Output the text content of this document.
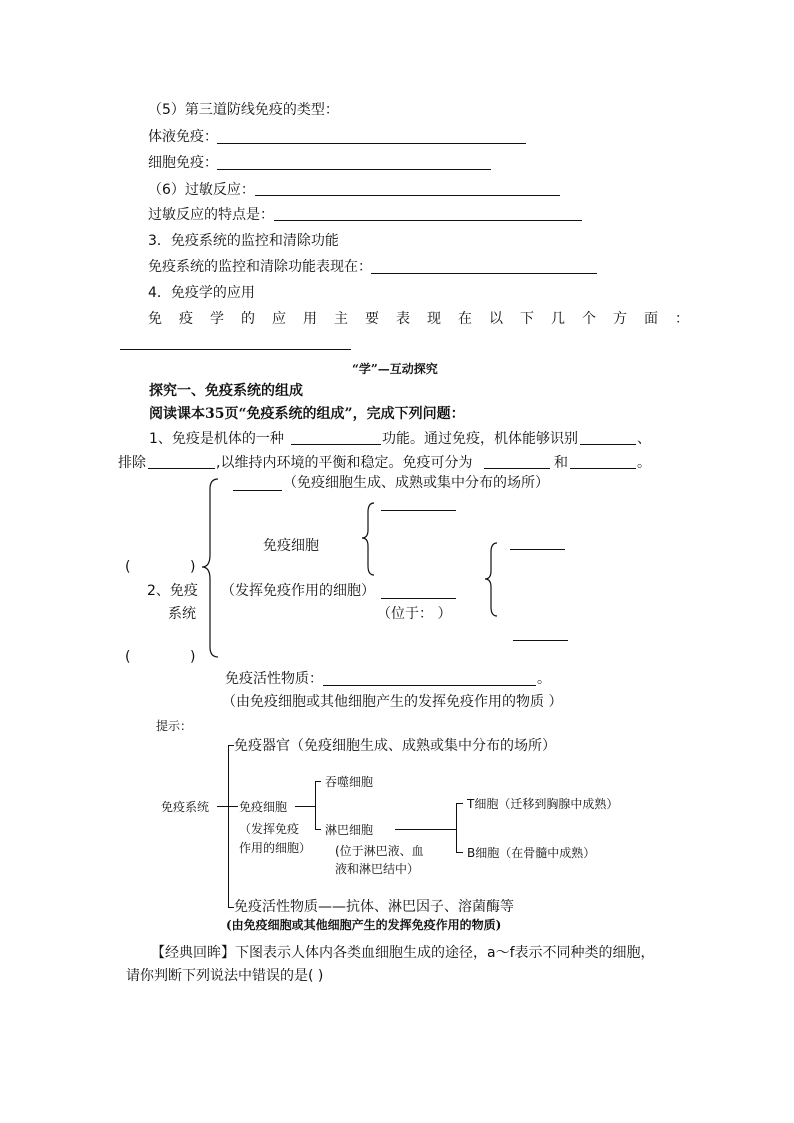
（5）第三道防线免疫的类型：
体液免疫：
细胞免疫：
（6）过敏反应：
过敏反应的特点是：
3．免疫系统的监控和清除功能
免疫系统的监控和清除功能表现在：
4．免疫学的应用
免疫学的应用主要表现在以下几个方面：
“学”—互动探究
探究一、免疫系统的组成
阅读课本35页“免疫系统的组成”，完成下列问题：
1、免疫是机体的一种	功能。通过免疫，机体能够识别	、
排除	,以维持内环境的平衡和稳定。免疫可分为	和	。
（免疫细胞生成、成熟或集中分布的场所）
免疫细胞
(	)
2、免疫
系统
（发挥免疫作用的细胞）
（位于： ）
(	)
免疫活性物质：	。
（由免疫细胞或其他细胞产生的发挥免疫作用的物质 ）
提示：
免疫系统
免疫器官（免疫细胞生成、成熟或集中分布的场所）
免疫细胞
（发挥免疫
作用的细胞）
吞噬细胞
淋巴细胞
(位于淋巴液、血
液和淋巴结中）
T细胞（迁移到胸腺中成熟）
B细胞（在骨髓中成熟）
免疫活性物质——抗体、淋巴因子、溶菌酶等
(由免疫细胞或其他细胞产生的发挥免疫作用的物质)
【经典回眸】下图表示人体内各类血细胞生成的途径，a～f表示不同种类的细胞，
请你判断下列说法中错误的是( )
